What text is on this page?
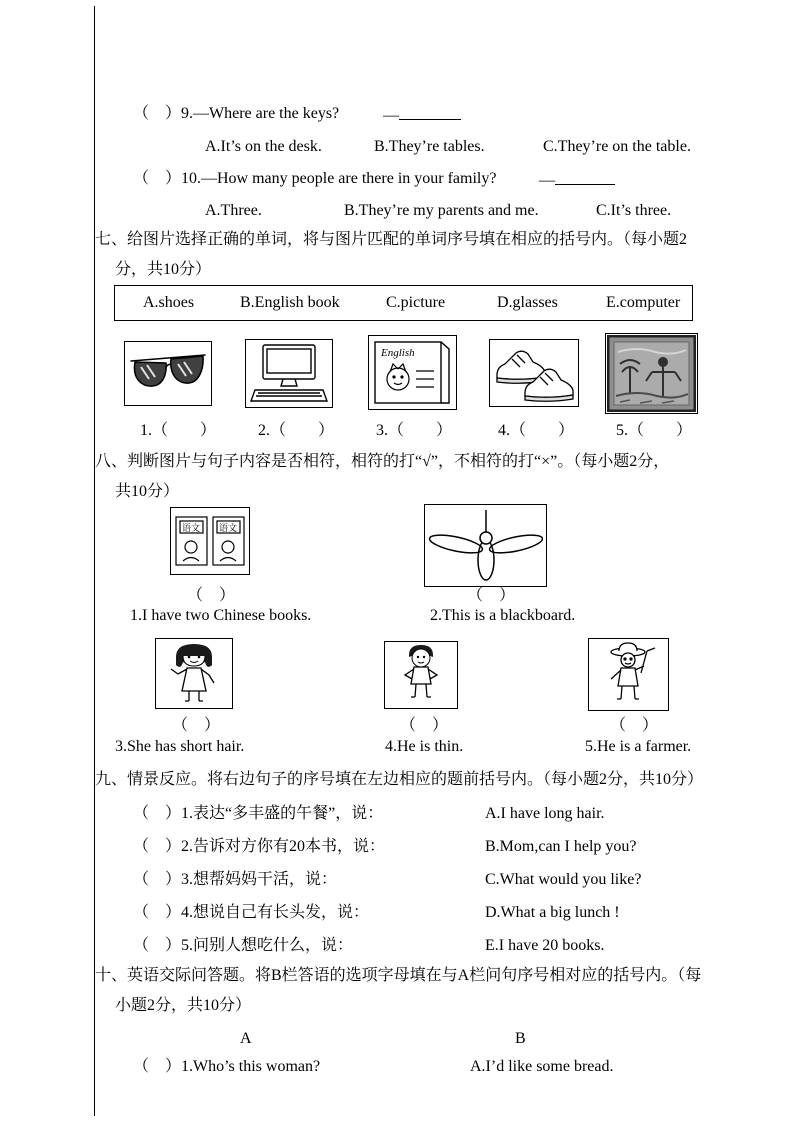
（　）9.—Where are the keys?	—
A.It’s on the desk.	B.They’re tables.	C.They’re on the table.
（　）10.—How many people are there in your family?	—
A.Three.	B.They’re my parents and me.	C.It’s three.
七、给图片选择正确的单词，将与图片匹配的单词序号填在相应的括号内。（每小题2
分，共10分）
A.shoes	B.English book	C.picture	D.glasses	E.computer
English
1.（　　）	2.（　　）	3.（　　）	4.（　　）	5.（　　）
八、判断图片与句子内容是否相符，相符的打“√”，不相符的打“×”。（每小题2分，
共10分）
语文 语文
（　）	（　）
1.I have two Chinese books.	2.This is a blackboard.
（　）	（　）	（　）
3.She has short hair.	4.He is thin.	5.He is a farmer.
九、情景反应。将右边句子的序号填在左边相应的题前括号内。（每小题2分，共10分）
（　）1.表达“多丰盛的午餐”，说：	A.I have long hair.
（　）2.告诉对方你有20本书，说：	B.Mom,can I help you?
（　）3.想帮妈妈干活，说：	C.What would you like?
（　）4.想说自己有长头发，说：	D.What a big lunch !
（　）5.问别人想吃什么，说：	E.I have 20 books.
十、英语交际问答题。将B栏答语的选项字母填在与A栏问句序号相对应的括号内。（每
小题2分，共10分）
A	B
（　）1.Who’s this woman?	A.I’d like some bread.
